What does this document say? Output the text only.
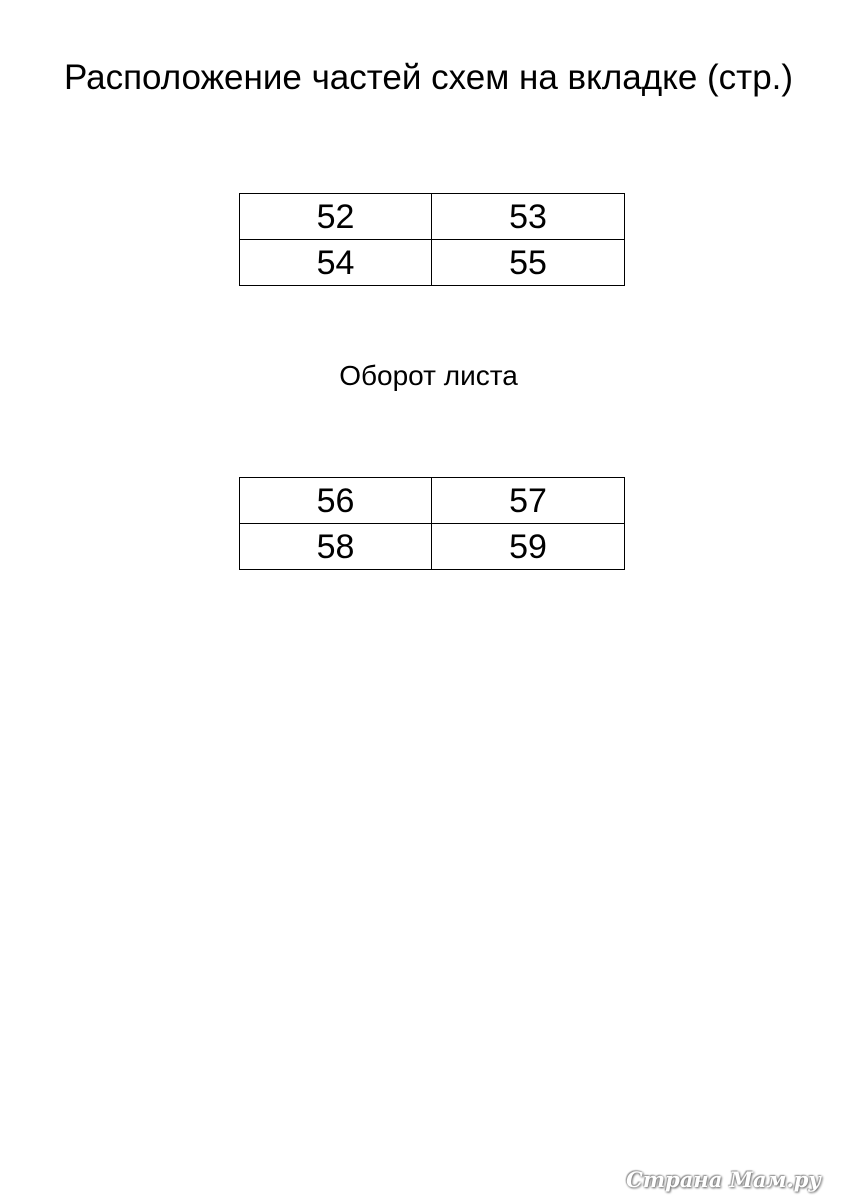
Расположение частей схем на вкладке (стр.)
52	53
54	55
Оборот листа
56	57
58	59
Страна Мам.ру
